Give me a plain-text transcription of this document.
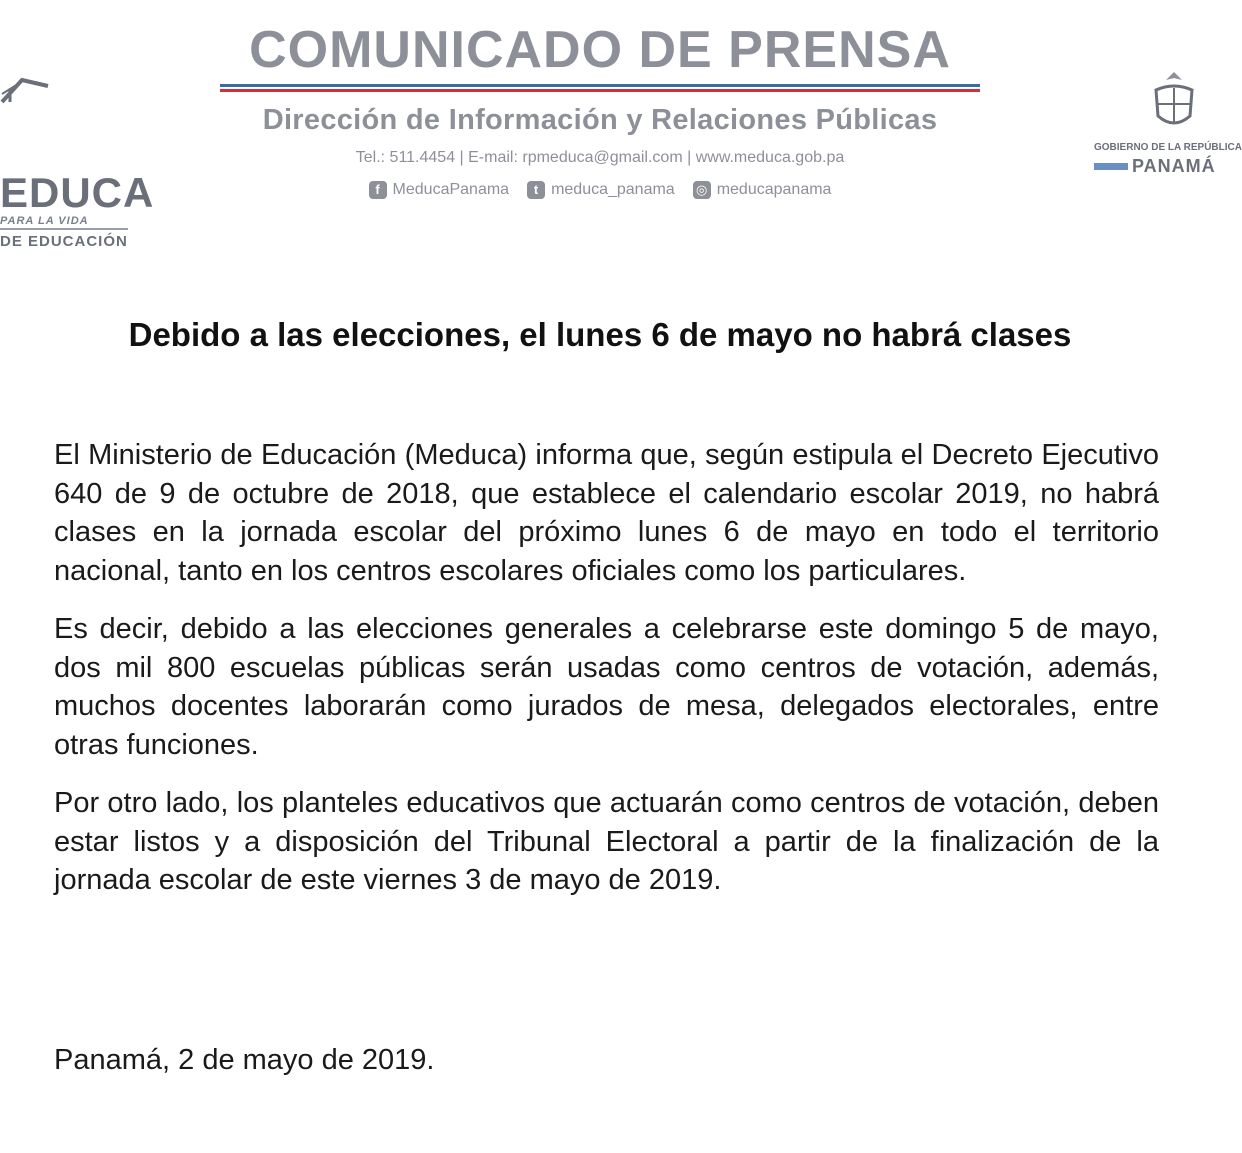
EDUCA
PARA LA VIDA
DE EDUCACIÓN
COMUNICADO DE PRENSA
Dirección de Información y Relaciones Públicas
Tel.: 511.4454 | E-mail: rpmeduca@gmail.com | www.meduca.gob.pa
f MeducaPanama	t meduca_panama ◎ meducapanama
GOBIERNO DE LA REPÚBLICA
PANAMÁ
Debido a las elecciones, el lunes 6 de mayo no habrá clases

El Ministerio de Educación (Meduca) informa que, según estipula el Decreto Ejecutivo 640 de 9 de octubre de 2018, que establece el calendario escolar 2019, no habrá clases en la jornada escolar del próximo lunes 6 de mayo en todo el territorio nacional, tanto en los centros escolares oficiales como los particulares.

Es decir, debido a las elecciones generales a celebrarse este domingo 5 de mayo, dos mil 800 escuelas públicas serán usadas como centros de votación, además, muchos docentes laborarán como jurados de mesa, delegados electorales, entre otras funciones.

Por otro lado, los planteles educativos que actuarán como centros de votación, deben estar listos y a disposición del Tribunal Electoral a partir de la finalización de la jornada escolar de este viernes 3 de mayo de 2019.

Panamá, 2 de mayo de 2019.
